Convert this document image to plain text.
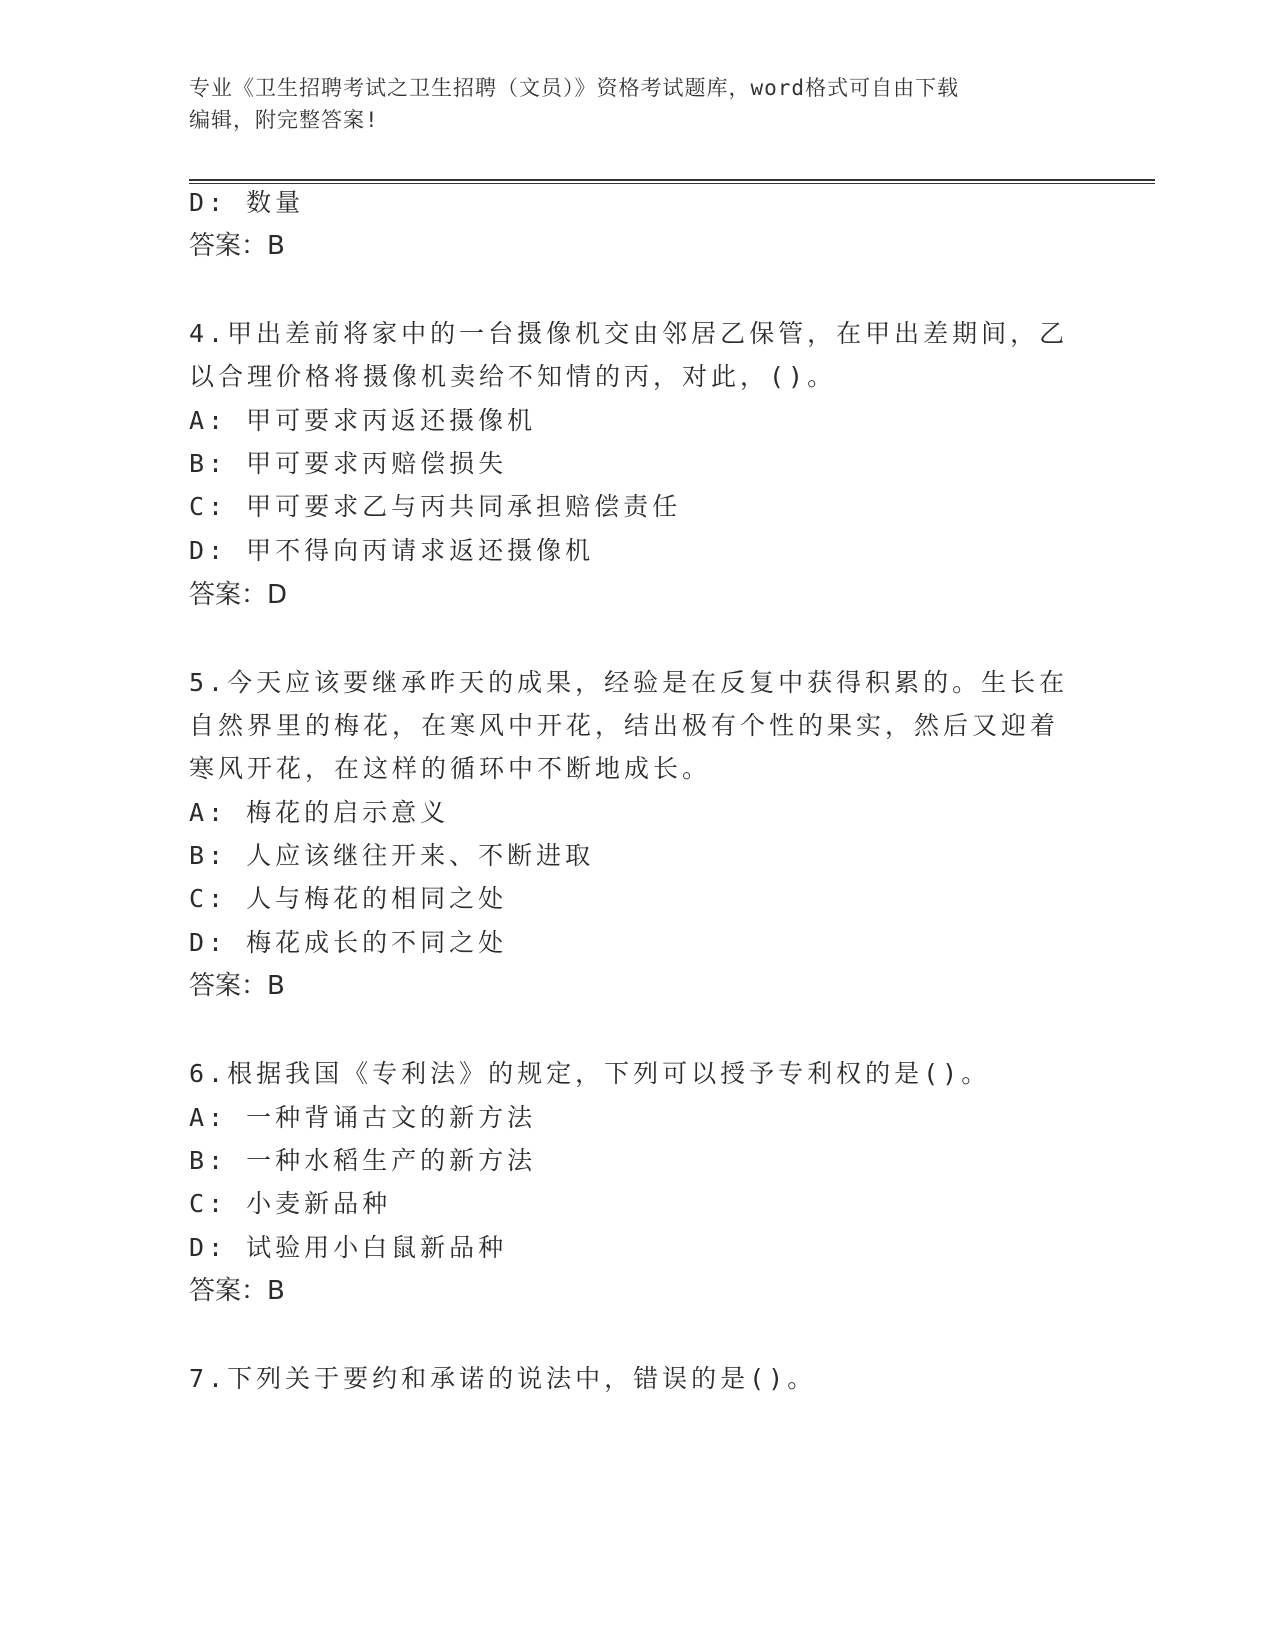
专业《卫生招聘考试之卫生招聘（文员）》资格考试题库，word格式可自由下载
编辑，附完整答案!
D: 数量
答案：B
4.甲出差前将家中的一台摄像机交由邻居乙保管，在甲出差期间，乙
以合理价格将摄像机卖给不知情的丙，对此，()。
A: 甲可要求丙返还摄像机
B: 甲可要求丙赔偿损失
C: 甲可要求乙与丙共同承担赔偿责任
D: 甲不得向丙请求返还摄像机
答案：D
5.今天应该要继承昨天的成果，经验是在反复中获得积累的。生长在
自然界里的梅花，在寒风中开花，结出极有个性的果实，然后又迎着
寒风开花，在这样的循环中不断地成长。
A: 梅花的启示意义
B: 人应该继往开来、不断进取
C: 人与梅花的相同之处
D: 梅花成长的不同之处
答案：B
6.根据我国《专利法》的规定，下列可以授予专利权的是()。
A: 一种背诵古文的新方法
B: 一种水稻生产的新方法
C: 小麦新品种
D: 试验用小白鼠新品种
答案：B
7.下列关于要约和承诺的说法中，错误的是()。
